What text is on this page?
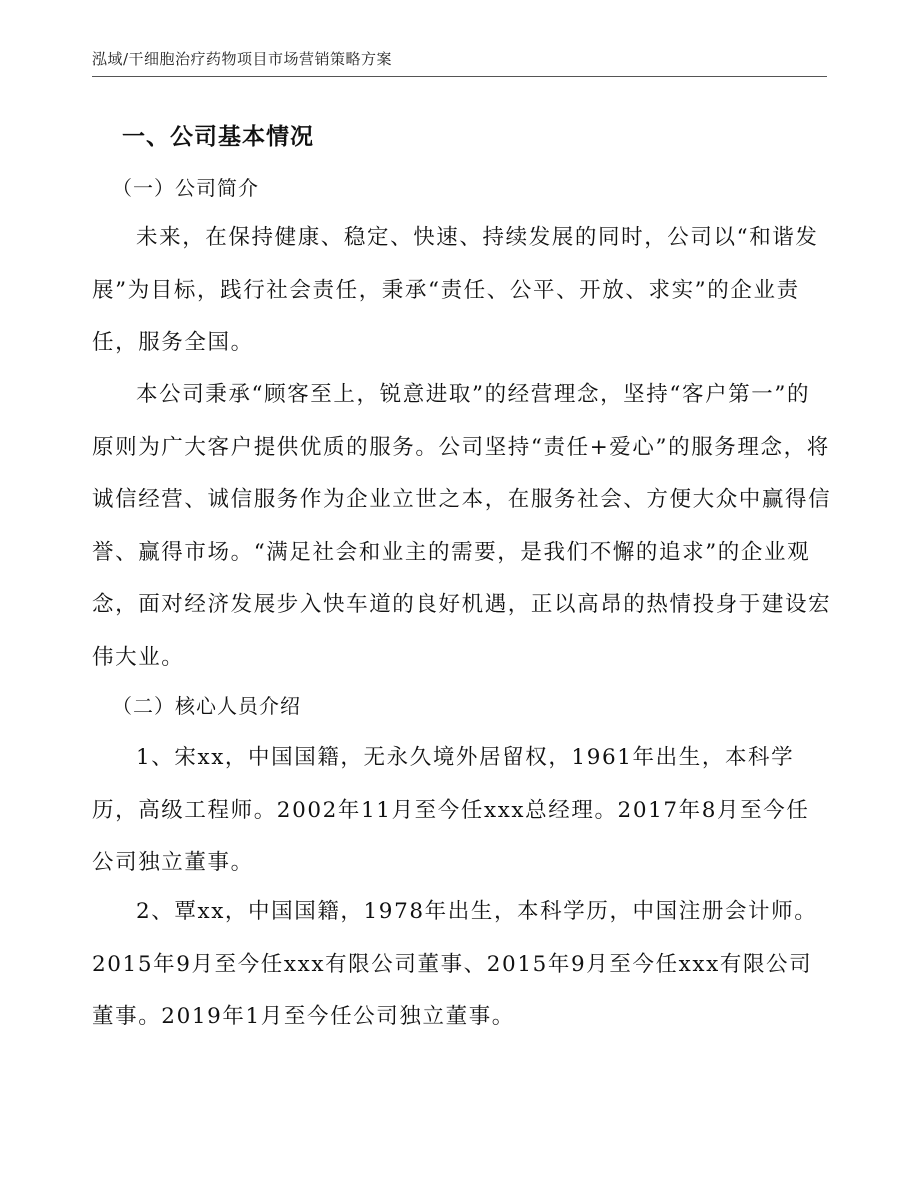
泓域/干细胞治疗药物项目市场营销策略方案
一、公司基本情况
（一）公司简介

未来，在保持健康、稳定、快速、持续发展的同时，公司以“和谐发展”为目标，践行社会责任，秉承“责任、公平、开放、求实”的企业责任，服务全国。

本公司秉承“顾客至上，锐意进取”的经营理念，坚持“客户第一”的原则为广大客户提供优质的服务。公司坚持“责任+爱心”的服务理念，将诚信经营、诚信服务作为企业立世之本，在服务社会、方便大众中赢得信誉、赢得市场。“满足社会和业主的需要，是我们不懈的追求”的企业观念，面对经济发展步入快车道的良好机遇，正以高昂的热情投身于建设宏伟大业。

（二）核心人员介绍

1、宋xx，中国国籍，无永久境外居留权，1961年出生，本科学历，高级工程师。2002年11月至今任xxx总经理。2017年8月至今任公司独立董事。

2、覃xx，中国国籍，1978年出生，本科学历，中国注册会计师。2015年9月至今任xxx有限公司董事、2015年9月至今任xxx有限公司董事。2019年1月至今任公司独立董事。
